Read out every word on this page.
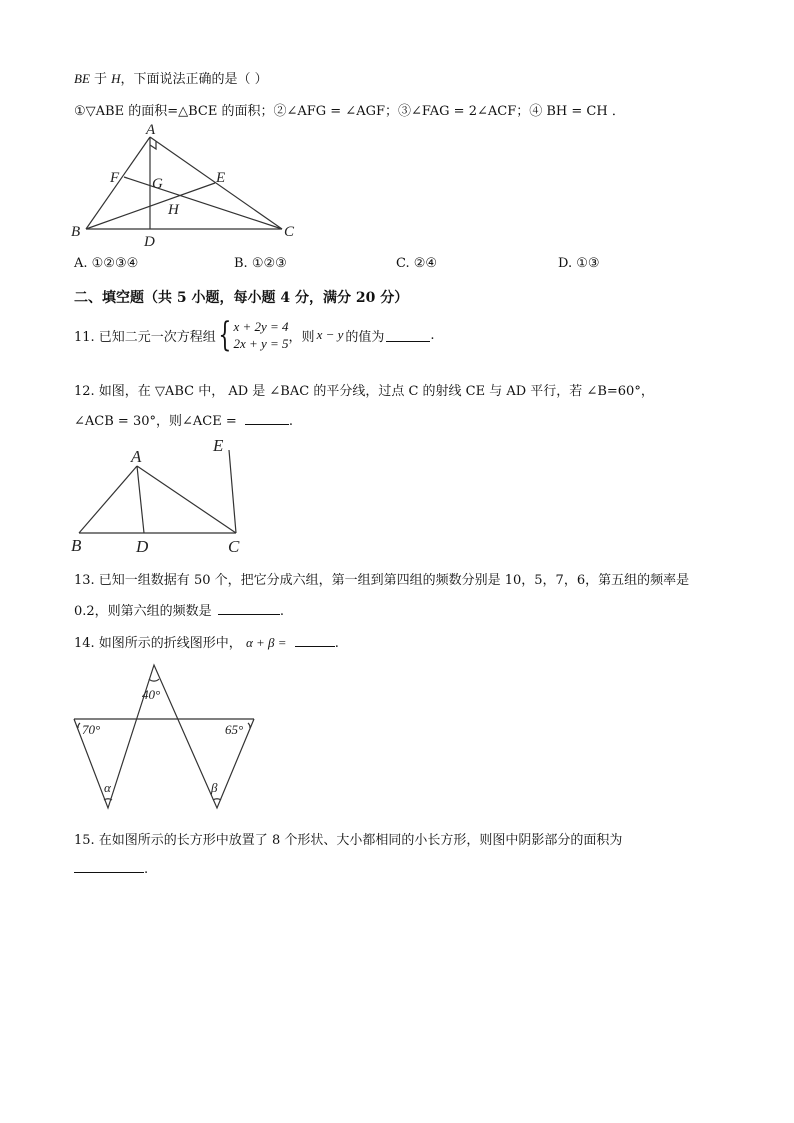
BE 于 H，下面说法正确的是（ ）
①▽ABE 的面积=△BCE 的面积；②∠AFG = ∠AGF；③∠FAG = 2∠ACF；④ BH = CH ．
A
B	C
D
E
F G
H
A. ①②③④	B. ①②③	C. ②④	D. ①③
二、填空题（共 5 小题，每小题 4 分，满分 20 分）
11. 已知二元一次方程组 { x + 2y = 4
2x + y = 5 ，则 x − y 的值为	.
12. 如图，在 ▽ABC 中， AD 是 ∠BAC 的平分线，过点 C 的射线 CE 与 AD 平行，若 ∠B=60°，
∠ACB = 30°，则∠ACE =	.
A
B	C
D
E
13. 已知一组数据有 50 个，把它分成六组，第一组到第四组的频数分别是 10，5，7，6，第五组的频率是
0.2，则第六组的频数是	.
14. 如图所示的折线图形中， α + β =	.
40°
70°	65°
α	β
15. 在如图所示的长方形中放置了 8 个形状、大小都相同的小长方形，则图中阴影部分的面积为
.
